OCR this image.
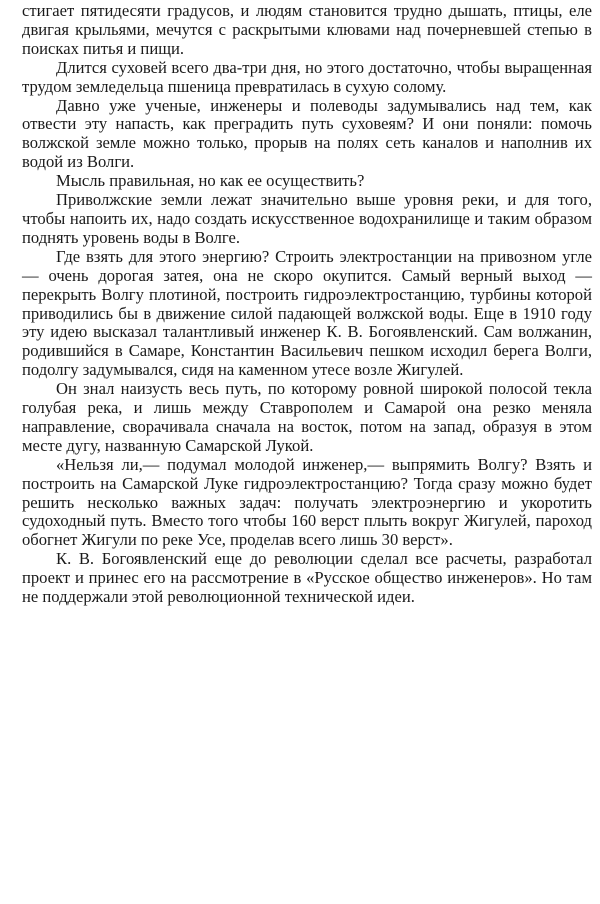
стигает пятидесяти градусов, и людям становится трудно дышать, птицы, еле двигая крыльями, мечутся с раскрытыми клювами над почерневшей степью в поисках питья и пищи.

Длится суховей всего два-три дня, но этого достаточно, чтобы выращенная трудом земледельца пшеница превратилась в сухую солому.

Давно уже ученые, инженеры и полеводы задумывались над тем, как отвести эту напасть, как преградить путь суховеям? И они поняли: помочь волжской земле можно только, прорыв на полях сеть каналов и наполнив их водой из Волги.

Мысль правильная, но как ее осуществить?

Приволжские земли лежат значительно выше уровня реки, и для того, чтобы напоить их, надо создать искусственное водохранилище и таким образом поднять уровень воды в Волге.

Где взять для этого энергию? Строить электростанции на привозном угле — очень дорогая затея, она не скоро окупится. Самый верный выход — перекрыть Волгу плотиной, построить гидроэлектростанцию, турбины которой приводились бы в движение силой падающей волжской воды. Еще в 1910 году эту идею высказал талантливый инженер К. В. Богоявленский. Сам волжанин, родившийся в Самаре, Константин Васильевич пешком исходил берега Волги, подолгу задумывался, сидя на каменном утесе возле Жигулей.

Он знал наизусть весь путь, по которому ровной широкой полосой текла голубая река, и лишь между Ставрополем и Самарой она резко меняла направление, сворачивала сначала на восток, потом на запад, образуя в этом месте дугу, названную Самарской Лукой.

«Нельзя ли,— подумал молодой инженер,— выпрямить Волгу? Взять и построить на Самарской Луке гидроэлектростанцию? Тогда сразу можно будет решить несколько важных задач: получать электроэнергию и укоротить судоходный путь. Вместо того чтобы 160 верст плыть вокруг Жигулей, пароход обогнет Жигули по реке Усе, проделав всего лишь 30 верст».

К. В. Богоявленский еще до революции сделал все расчеты, разработал проект и принес его на рассмотрение в «Русское общество инженеров». Но там не поддержали этой революционной технической идеи.
